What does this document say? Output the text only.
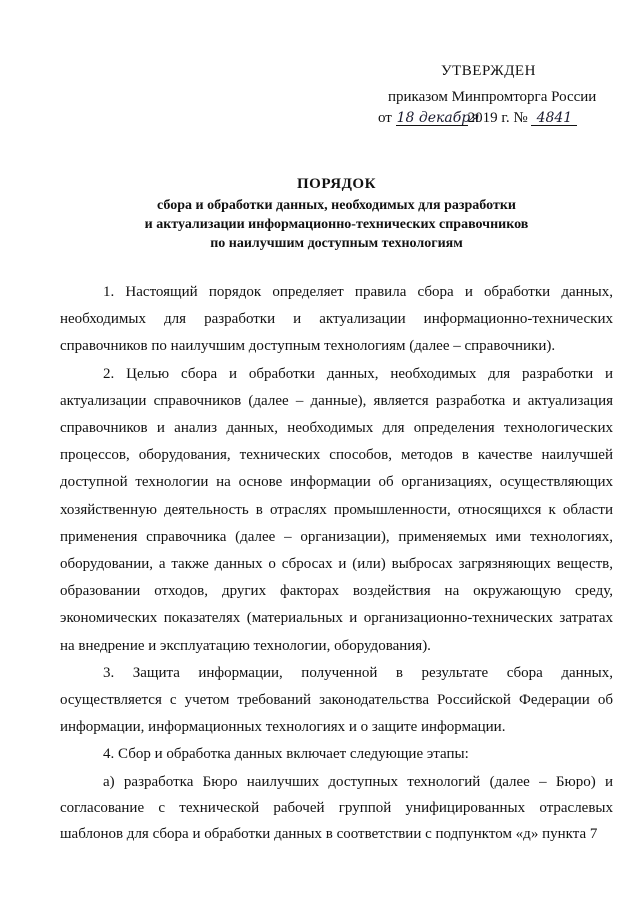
УТВЕРЖДЕН
приказом Минпромторга России
от 18 декабря2019 г. № 4841
ПОРЯДОК
сбора и обработки данных, необходимых для разработки
и актуализации информационно-технических справочников
по наилучшим доступным технологиям

1. Настоящий порядок определяет правила сбора и обработки данных, необходимых для разработки и актуализации информационно-технических справочников по наилучшим доступным технологиям (далее – справочники).

2. Целью сбора и обработки данных, необходимых для разработки и актуализации справочников (далее – данные), является разработка и актуализация справочников и анализ данных, необходимых для определения технологических процессов, оборудования, технических способов, методов в качестве наилучшей доступной технологии на основе информации об организациях, осуществляющих хозяйственную деятельность в отраслях промышленности, относящихся к области применения справочника (далее – организации), применяемых ими технологиях, оборудовании, а также данных о сбросах и (или) выбросах загрязняющих веществ, образовании отходов, других факторах воздействия на окружающую среду, экономических показателях (материальных и организационно-технических затратах на внедрение и эксплуатацию технологии, оборудования).

3. Защита информации, полученной в результате сбора данных, осуществляется с учетом требований законодательства Российской Федерации об информации, информационных технологиях и о защите информации.

4. Сбор и обработка данных включает следующие этапы:

а) разработка Бюро наилучших доступных технологий (далее – Бюро) и согласование с технической рабочей группой унифицированных отраслевых шаблонов для сбора и обработки данных в соответствии с подпунктом «д» пункта 7
